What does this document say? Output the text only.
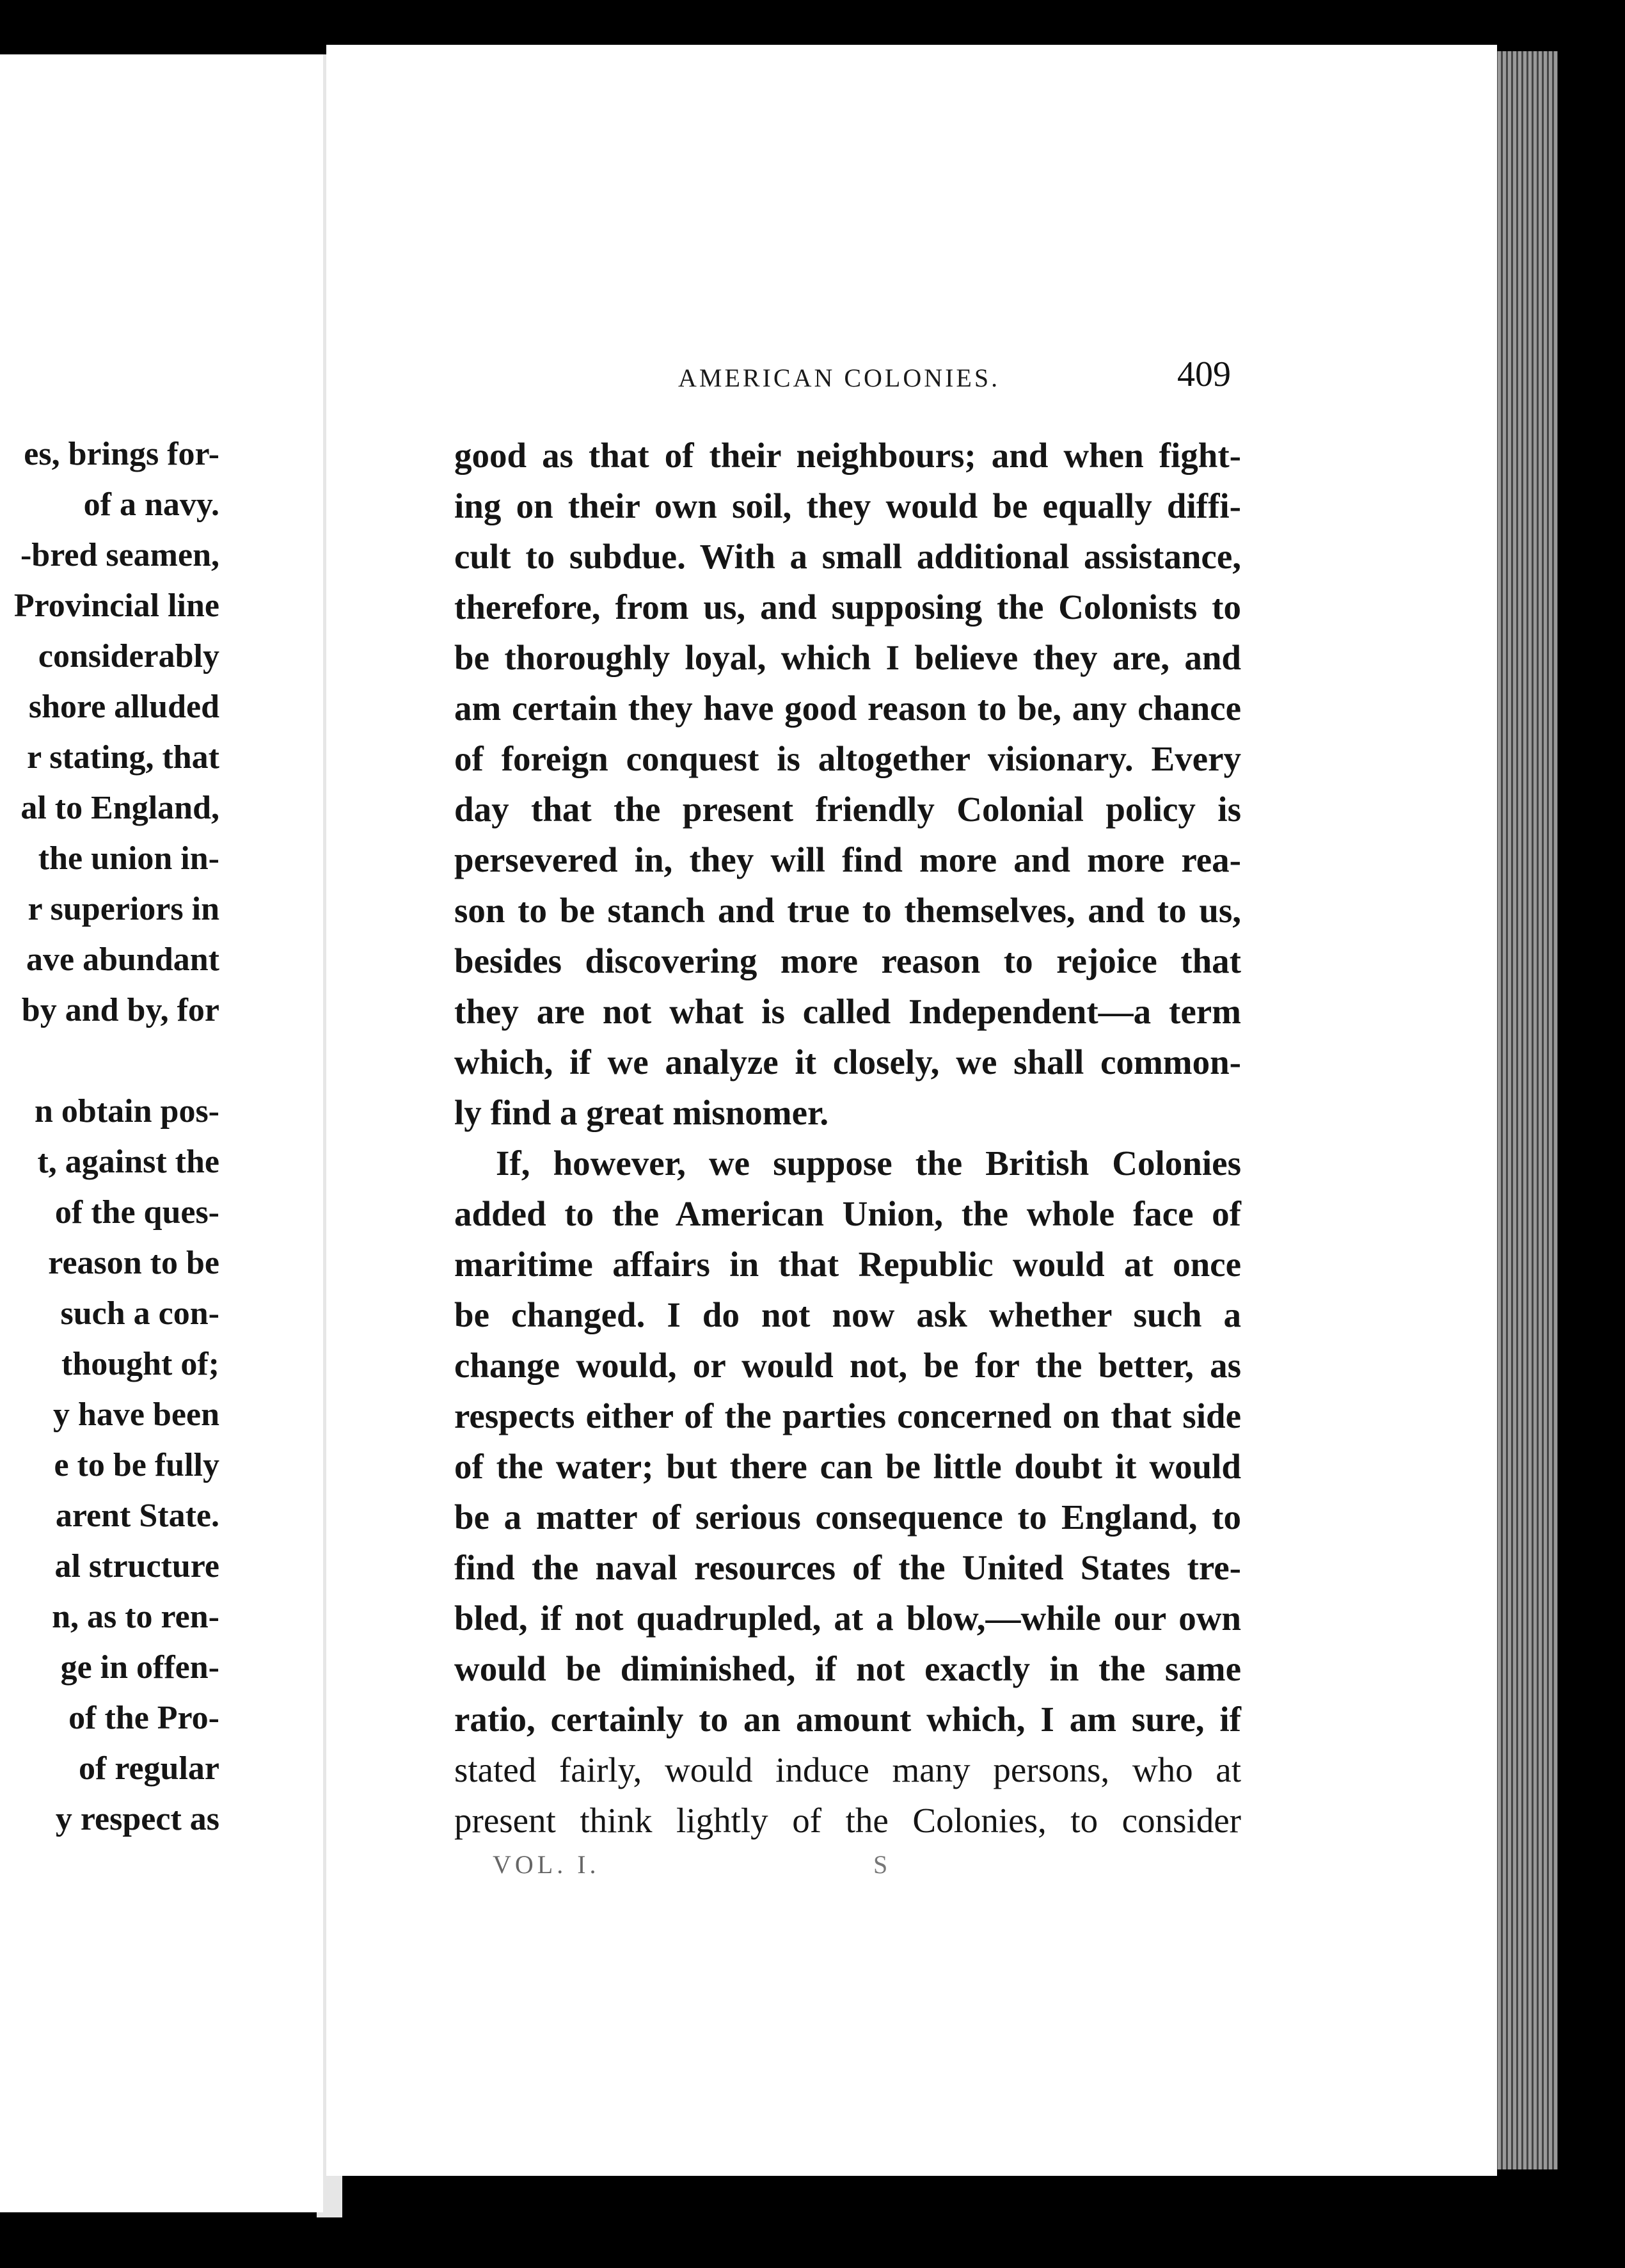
es, brings for-
of a navy.
-bred seamen,
Provincial line
considerably
shore alluded
r stating, that
al to England,
the union in-
r superiors in
ave abundant
by and by, for
n obtain pos-
t, against the
of the ques-
reason to be
such a con-
thought of;
y have been
e to be fully
arent State.
al structure
n, as to ren-
ge in offen-
of the Pro-
of regular
y respect as
AMERICAN COLONIES.	409
good as that of their neighbours; and when fight-
ing on their own soil, they would be equally diffi-
cult to subdue. With a small additional assistance,
therefore, from us, and supposing the Colonists to
be thoroughly loyal, which I believe they are, and
am certain they have good reason to be, any chance
of foreign conquest is altogether visionary. Every
day that the present friendly Colonial policy is
persevered in, they will find more and more rea-
son to be stanch and true to themselves, and to us,
besides discovering more reason to rejoice that
they are not what is called Independent—a term
which, if we analyze it closely, we shall common-
ly find a great misnomer.
If, however, we suppose the British Colonies
added to the American Union, the whole face of
maritime affairs in that Republic would at once
be changed. I do not now ask whether such a
change would, or would not, be for the better, as
respects either of the parties concerned on that side
of the water; but there can be little doubt it would
be a matter of serious consequence to England, to
find the naval resources of the United States tre-
bled, if not quadrupled, at a blow,—while our own
would be diminished, if not exactly in the same
ratio, certainly to an amount which, I am sure, if
stated fairly, would induce many persons, who at
present think lightly of the Colonies, to consider
VOL. I.	S
